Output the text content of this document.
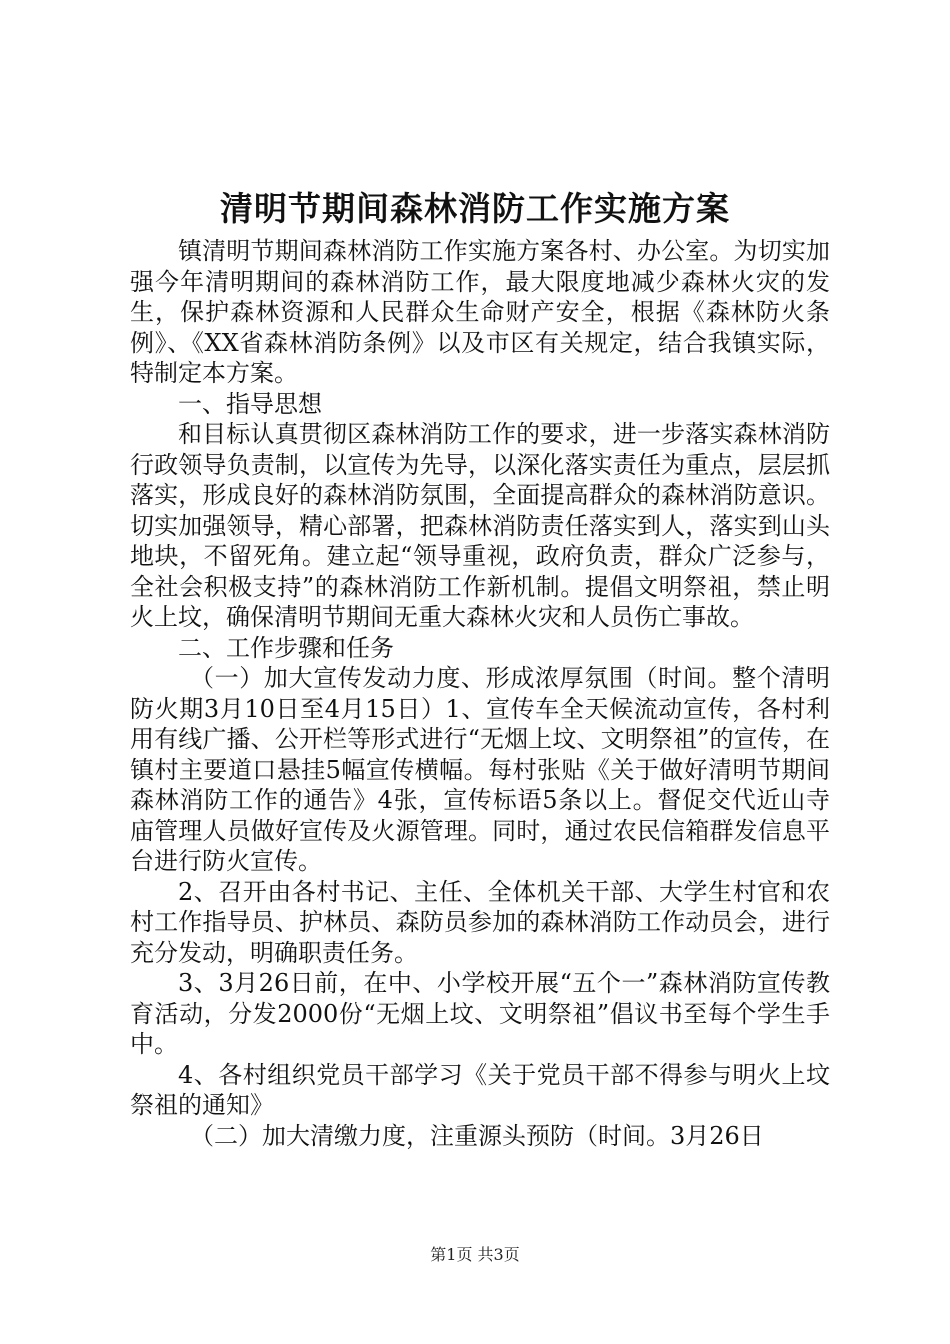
清明节期间森林消防工作实施方案

镇清明节期间森林消防工作实施方案各村、办公室。为切实加强今年清明期间的森林消防工作，最大限度地减少森林火灾的发生，保护森林资源和人民群众生命财产安全，根据《森林防火条例》、《XX省森林消防条例》以及市区有关规定，结合我镇实际，特制定本方案。

一、指导思想

和目标认真贯彻区森林消防工作的要求，进一步落实森林消防行政领导负责制，以宣传为先导，以深化落实责任为重点，层层抓落实，形成良好的森林消防氛围，全面提高群众的森林消防意识。切实加强领导，精心部署，把森林消防责任落实到人，落实到山头地块，不留死角。建立起“领导重视，政府负责，群众广泛参与，全社会积极支持”的森林消防工作新机制。提倡文明祭祖，禁止明火上坟，确保清明节期间无重大森林火灾和人员伤亡事故。

二、工作步骤和任务

（一）加大宣传发动力度、形成浓厚氛围（时间。整个清明防火期3月10日至4月15日）1、宣传车全天候流动宣传，各村利用有线广播、公开栏等形式进行“无烟上坟、文明祭祖”的宣传，在镇村主要道口悬挂5幅宣传横幅。每村张贴《关于做好清明节期间森林消防工作的通告》4张，宣传标语5条以上。督促交代近山寺庙管理人员做好宣传及火源管理。同时，通过农民信箱群发信息平台进行防火宣传。

2、召开由各村书记、主任、全体机关干部、大学生村官和农村工作指导员、护林员、森防员参加的森林消防工作动员会，进行充分发动，明确职责任务。

3、3月26日前，在中、小学校开展“五个一”森林消防宣传教育活动，分发2000份“无烟上坟、文明祭祖”倡议书至每个学生手中。

4、各村组织党员干部学习《关于党员干部不得参与明火上坟祭祖的通知》

（二）加大清缴力度，注重源头预防（时间。3月26日

第1页 共3页
